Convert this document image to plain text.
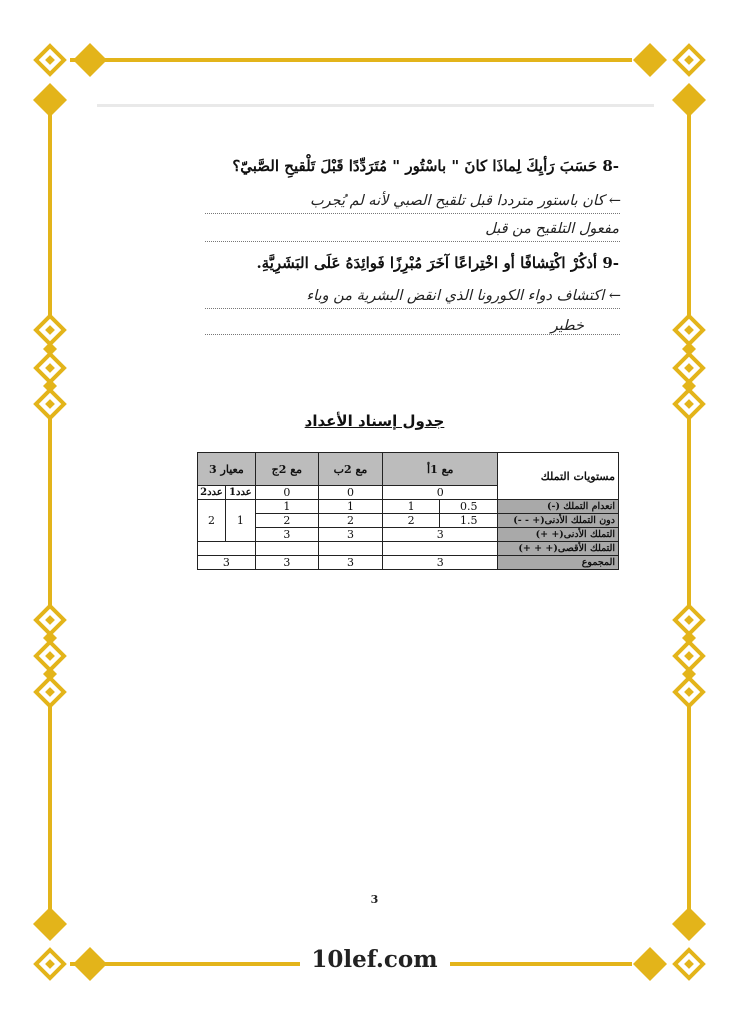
-8 حَسَبَ رَأيِكَ لِماذَا كانَ " باسْتُور " مُتَرَدِّدًا قَبْلَ تَلْقيحِ الصَّبيّ؟
← كان باستور مترددا قبل تلقيح الصبي لأنه لم يُجرب
مفعول التلقيح من قبل
-9 أذكُرْ اكْتِشافًا أو اخْتِراعًا آخَرَ مُبْرِزًا فَوائِدَهُ عَلَى البَشَرِيَّةِ.
← اكتشاف دواء الكورونا الذي انقض البشرية من وباء
خطير
جدول إسناد الأعداد
معيار 3		مع 2ج	مع 2ب	مع 1أ		مستويات التملك
عدد2	عدد1	0	0	0		
2	1	1	1	1	0.5	انعدام التملك (-)
		2	2	2	1.5	دون التملك الأدنى(+ - -)
		3	3	3		التملك الأدنى(+ +)
						التملك الأقصى(+ + +)
3		3	3	3		المجموع
3
10lef.com
